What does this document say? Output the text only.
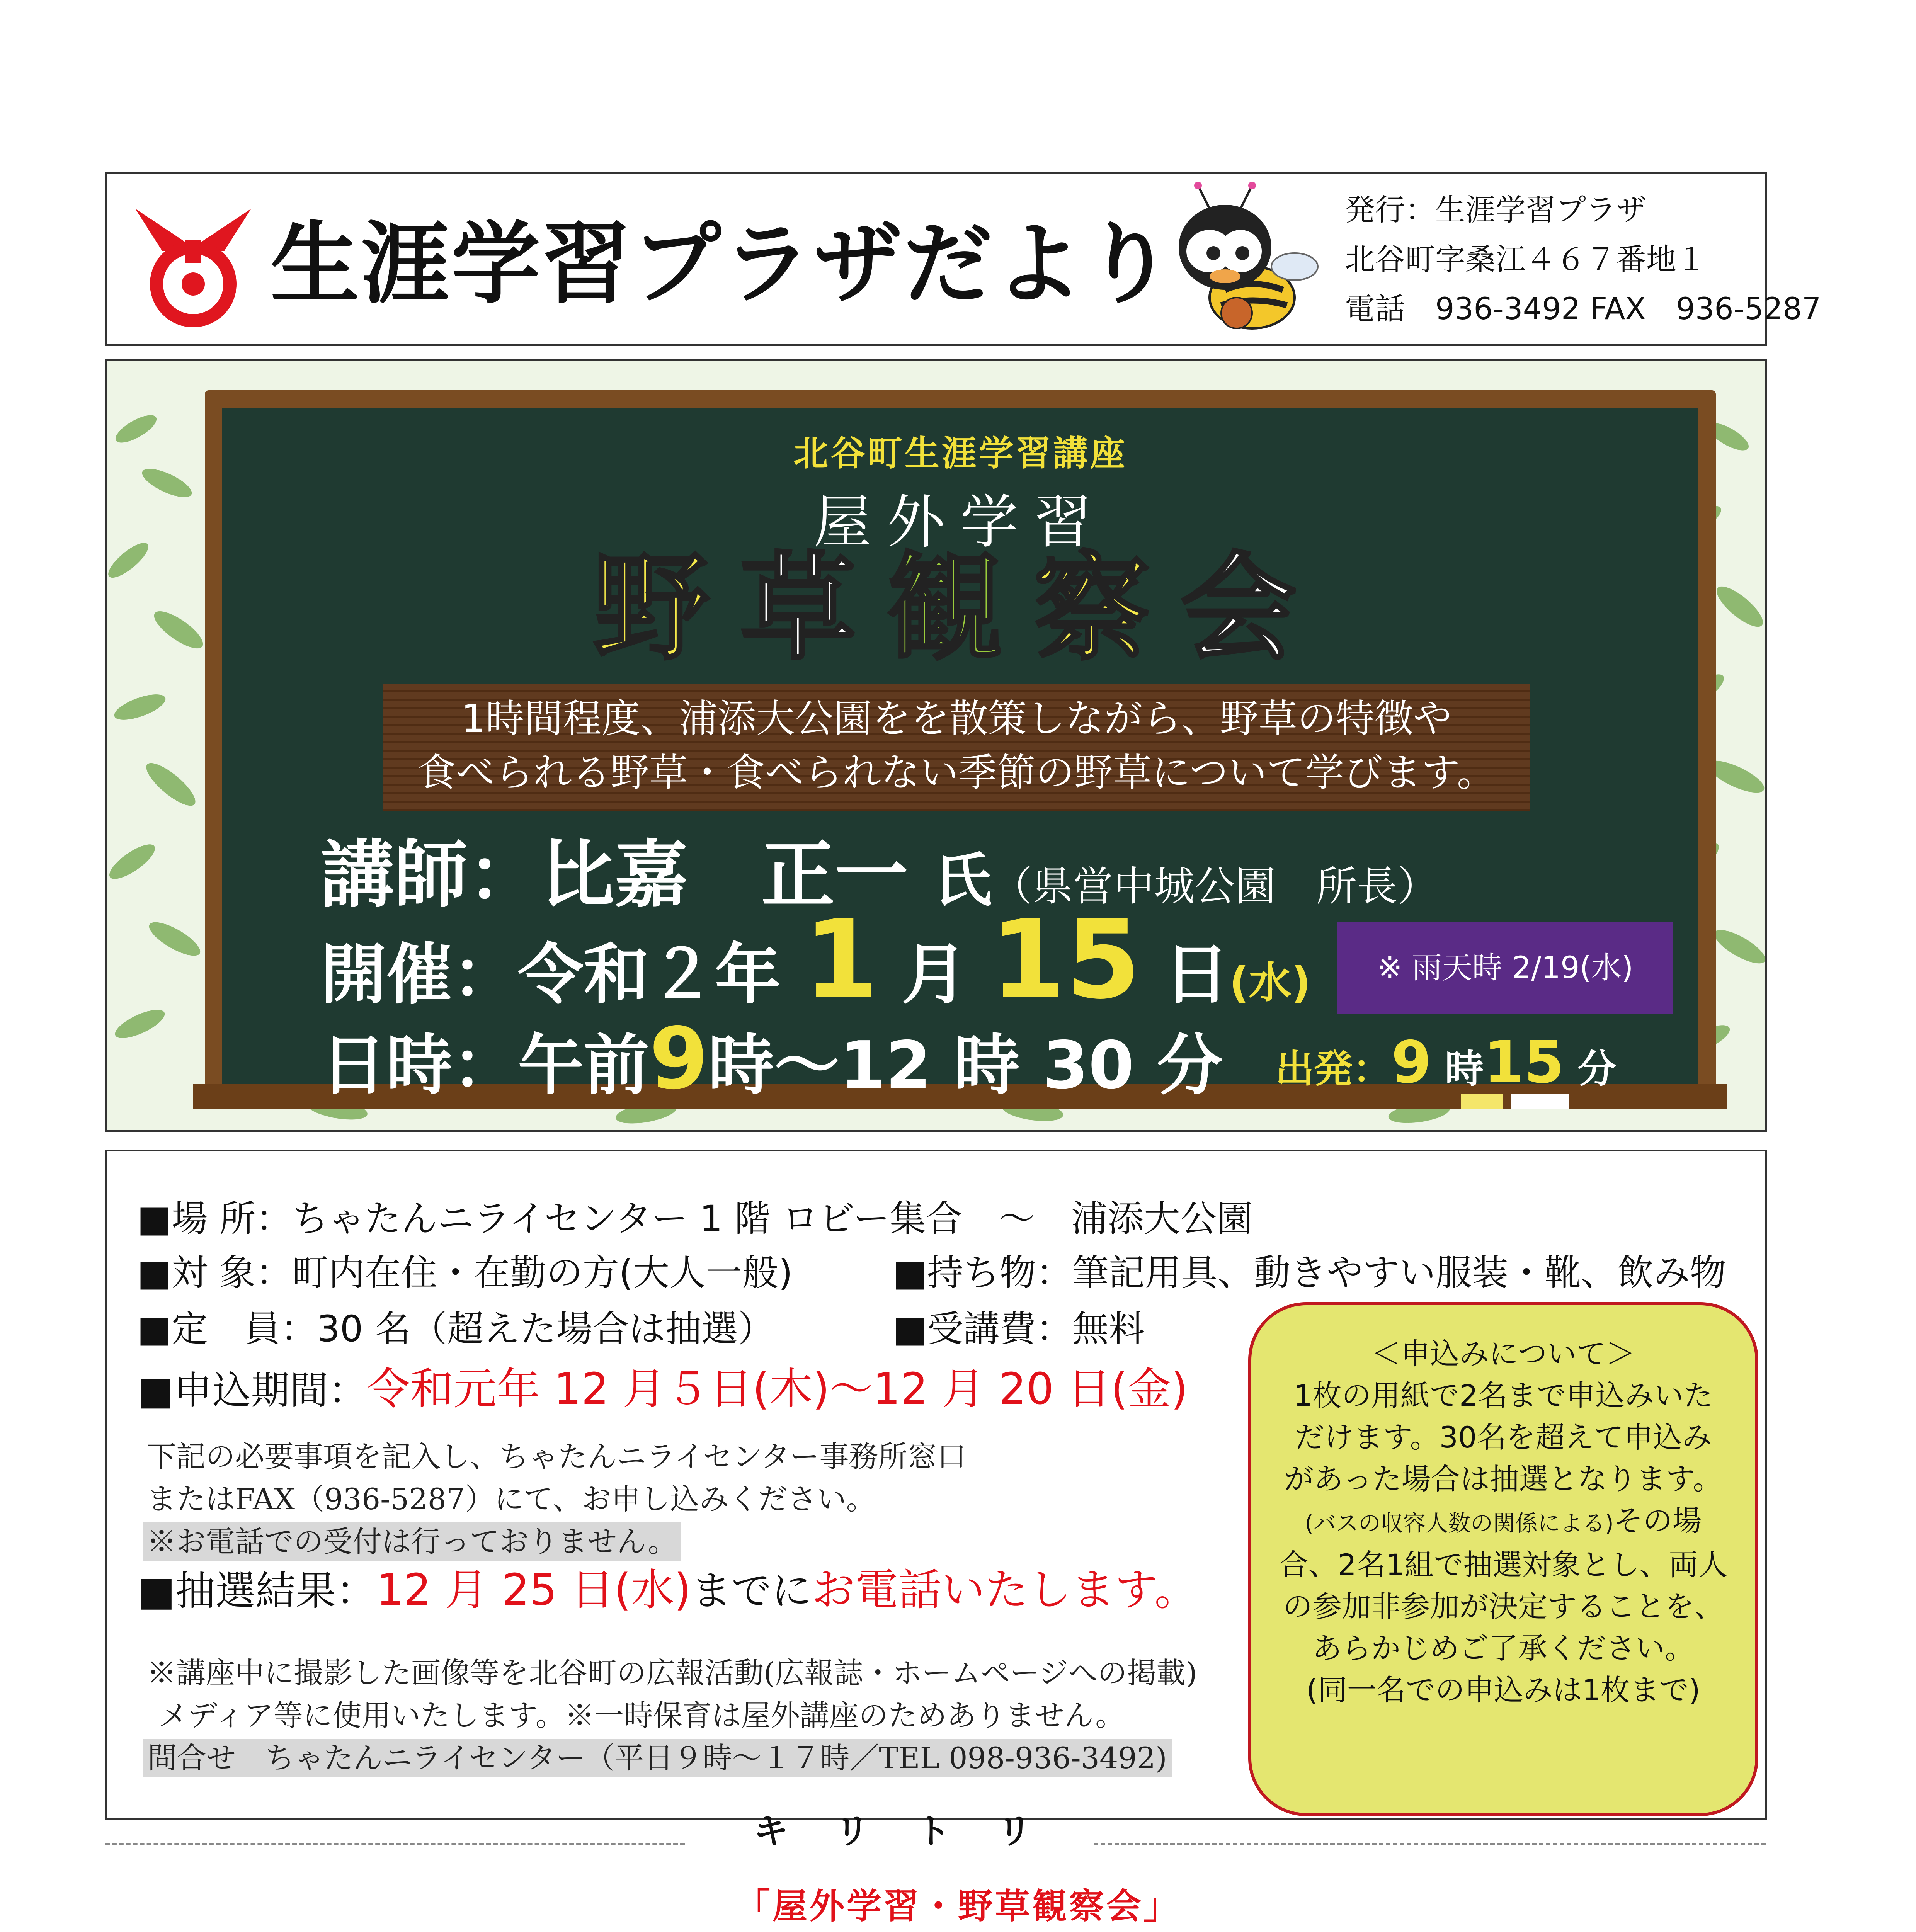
生涯学習プラザだより
発行：生涯学習プラザ
北谷町字桑江４６７番地１
電話　936-3492 FAX　936-5287
北谷町生涯学習講座
屋外学習
野草観察会
1時間程度、浦添大公園をを散策しながら、野草の特徴や
食べられる野草・食べられない季節の野草について学びます。
講師：比嘉　正一 氏（県営中城公園　所長）
開催：令和２年 1 月 15 日(水)	※ 雨天時 2/19(水)
日時：午前9時～12 時 30 分 出発：9 時15 分
■場 所：ちゃたんニライセンター 1 階 ロビー集合　～　浦添大公園
■対 象：町内在住・在勤の方(大人一般)	■持ち物：筆記用具、動きやすい服装・靴、飲み物
■定　員：30 名（超えた場合は抽選）	■受講費：無料
■申込期間：令和元年 12 月５日(木)～12 月 20 日(金)
下記の必要事項を記入し、ちゃたんニライセンター事務所窓口
またはFAX（936-5287）にて、お申し込みください。
※お電話での受付は行っておりません。
■抽選結果：12 月 25 日(水)までにお電話いたします。
※講座中に撮影した画像等を北谷町の広報活動(広報誌・ホームページへの掲載)
メディア等に使用いたします。※一時保育は屋外講座のためありません。
問合せ　ちゃたんニライセンター（平日９時～１７時／TEL 098-936-3492)
＜申込みについて＞
1枚の用紙で2名まで申込みいた
だけます。30名を超えて申込み
があった場合は抽選となります。
(バスの収容人数の関係による)その場
合、2名1組で抽選対象とし、両人
の参加非参加が決定することを、
あらかじめご了承ください。
(同一名での申込みは1枚まで)
キリトリ
「屋外学習・野草観察会」
